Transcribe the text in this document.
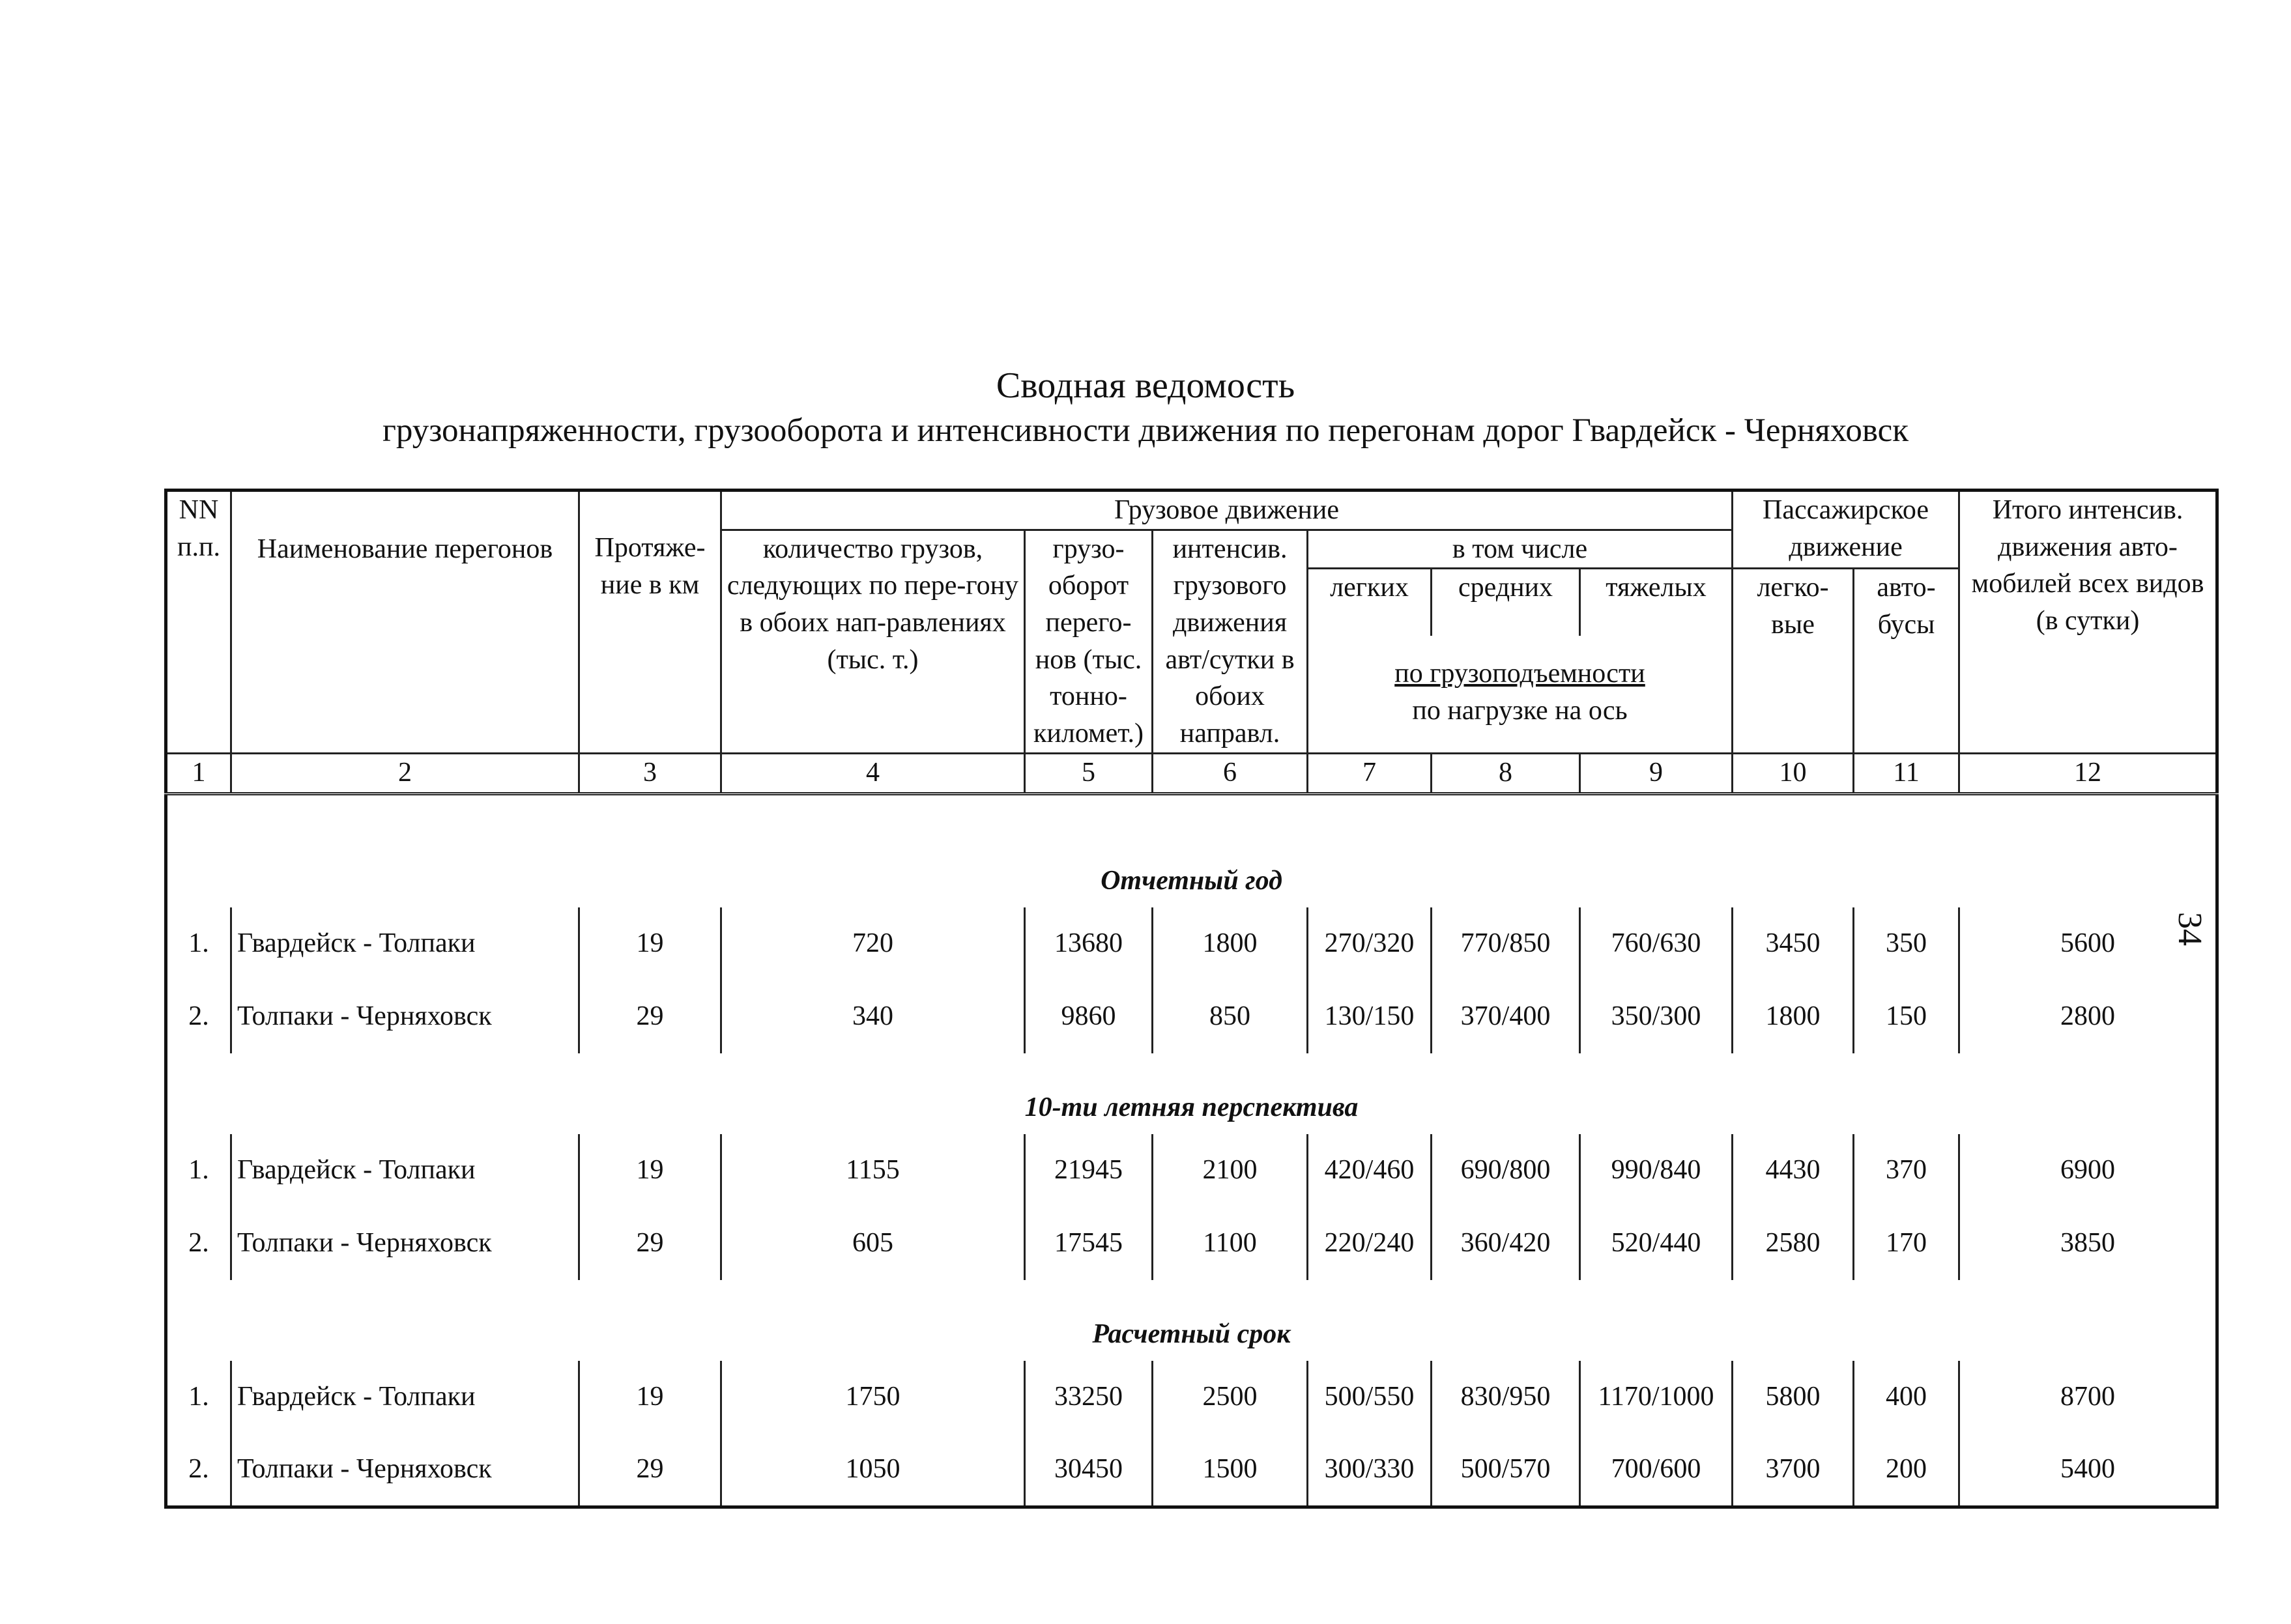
Сводная ведомость
грузонапряженности, грузооборота и интенсивности движения по перегонам дорог Гвардейск - Черняховск
34
NN п.п.	Наименование перегонов	Протяже-ние в км	Грузовое движение						Пассажирское движение		Итого интенсив. движения авто-мобилей всех видов (в сутки)
			количество грузов, следующих по пере-гону в обоих нап-равлениях (тыс. т.)	грузо-оборот перего-нов (тыс. тонно-километ.)	интенсив. грузового движения авт/сутки в обоих направл.	в том числе					
						легких	средних	тяжелых	легко-вые	авто-бусы	
						по грузоподъемности					
						по нагрузке на ось					
1	2	3	4	5	6	7	8	9	10	11	12
Отчетный год											
1.	Гвардейск - Толпаки	19	720	13680	1800	270/320	770/850	760/630	3450	350	5600
2.	Толпаки - Черняховск	29	340	9860	850	130/150	370/400	350/300	1800	150	2800
10-ти летняя перспектива											
1.	Гвардейск - Толпаки	19	1155	21945	2100	420/460	690/800	990/840	4430	370	6900
2.	Толпаки - Черняховск	29	605	17545	1100	220/240	360/420	520/440	2580	170	3850
Расчетный срок											
1.	Гвардейск - Толпаки	19	1750	33250	2500	500/550	830/950	1170/1000	5800	400	8700
2.	Толпаки - Черняховск	29	1050	30450	1500	300/330	500/570	700/600	3700	200	5400
